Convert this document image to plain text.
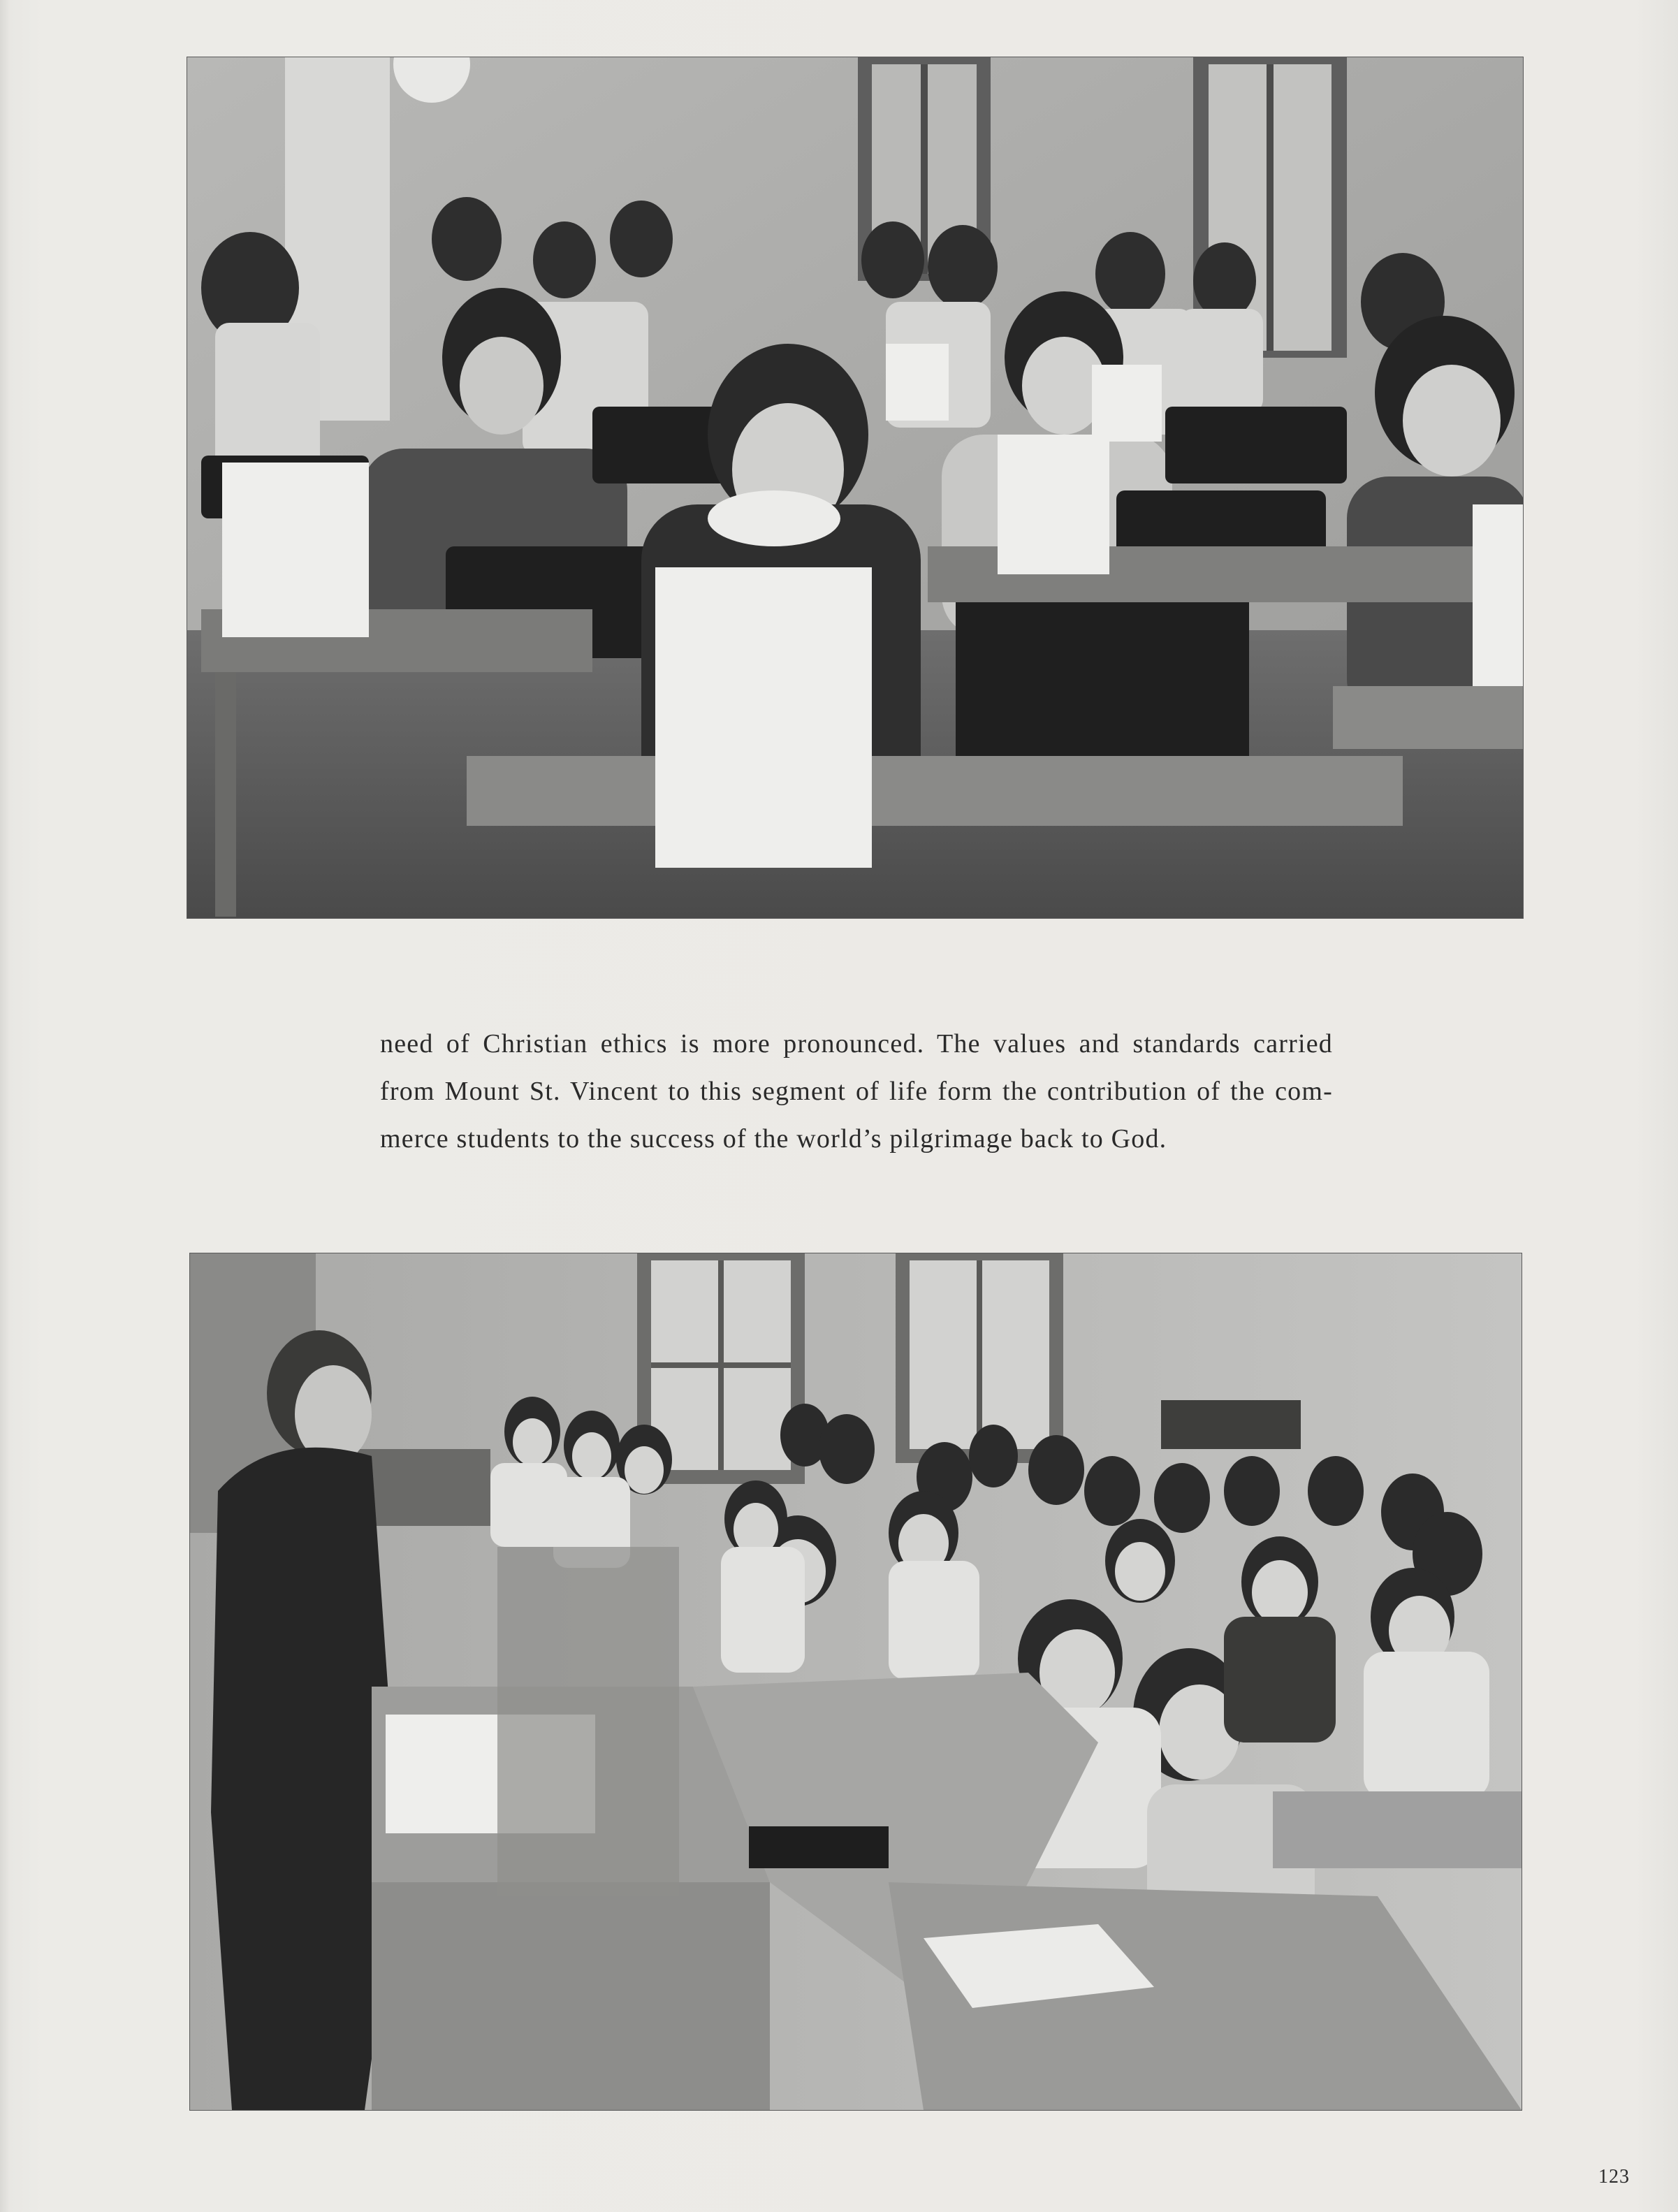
need of Christian ethics is more pronounced. The values and standards carried
from Mount St. Vincent to this segment of life form the contribution of the com-
merce students to the success of the world’s pilgrimage back to God.
123
